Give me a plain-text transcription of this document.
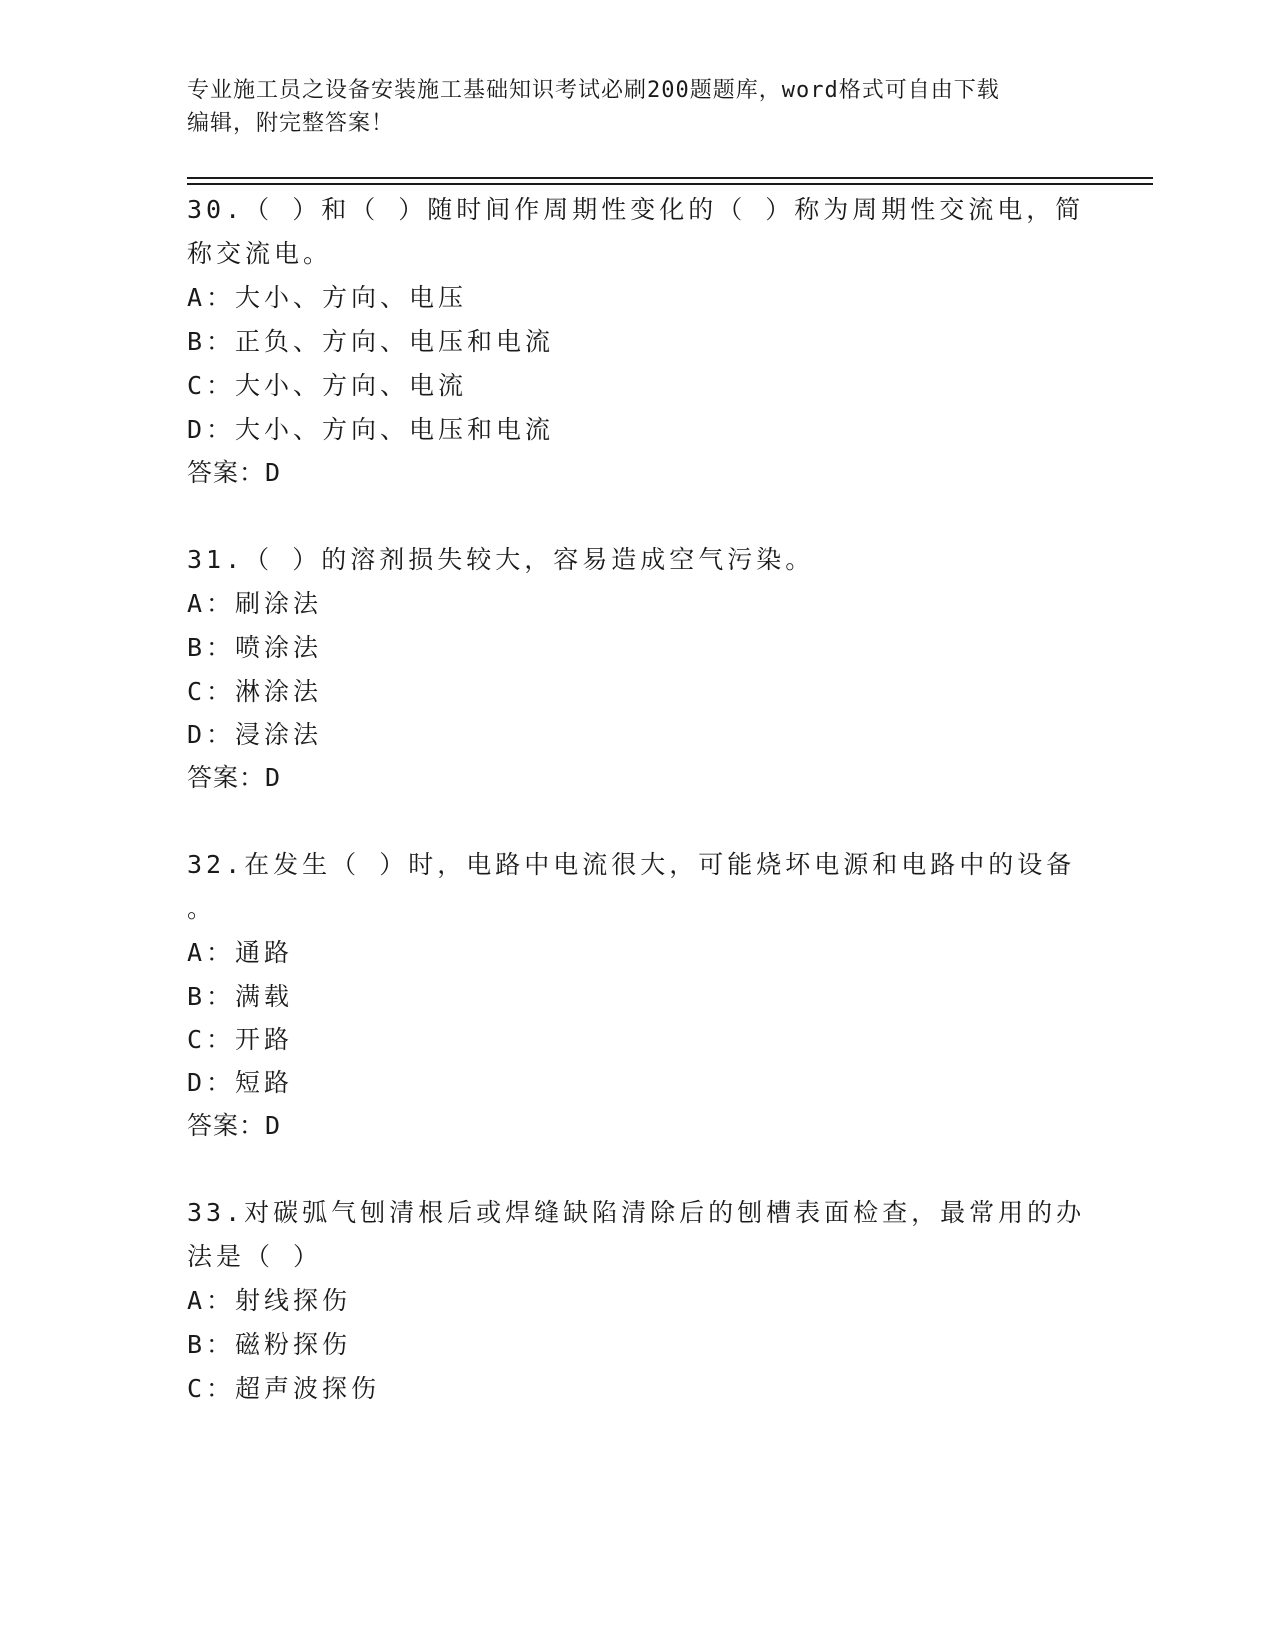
专业施工员之设备安装施工基础知识考试必刷200题题库，word格式可自由下载
编辑，附完整答案！
30.（ ）和（ ）随时间作周期性变化的（ ）称为周期性交流电，简
称交流电。
A：大小、方向、电压
B：正负、方向、电压和电流
C：大小、方向、电流
D：大小、方向、电压和电流
答案：D
31.（ ）的溶剂损失较大，容易造成空气污染。
A：刷涂法
B：喷涂法
C：淋涂法
D：浸涂法
答案：D
32.在发生（ ）时，电路中电流很大，可能烧坏电源和电路中的设备
。
A：通路
B：满载
C：开路
D：短路
答案：D
33.对碳弧气刨清根后或焊缝缺陷清除后的刨槽表面检查，最常用的办
法是（ ）
A：射线探伤
B：磁粉探伤
C：超声波探伤
